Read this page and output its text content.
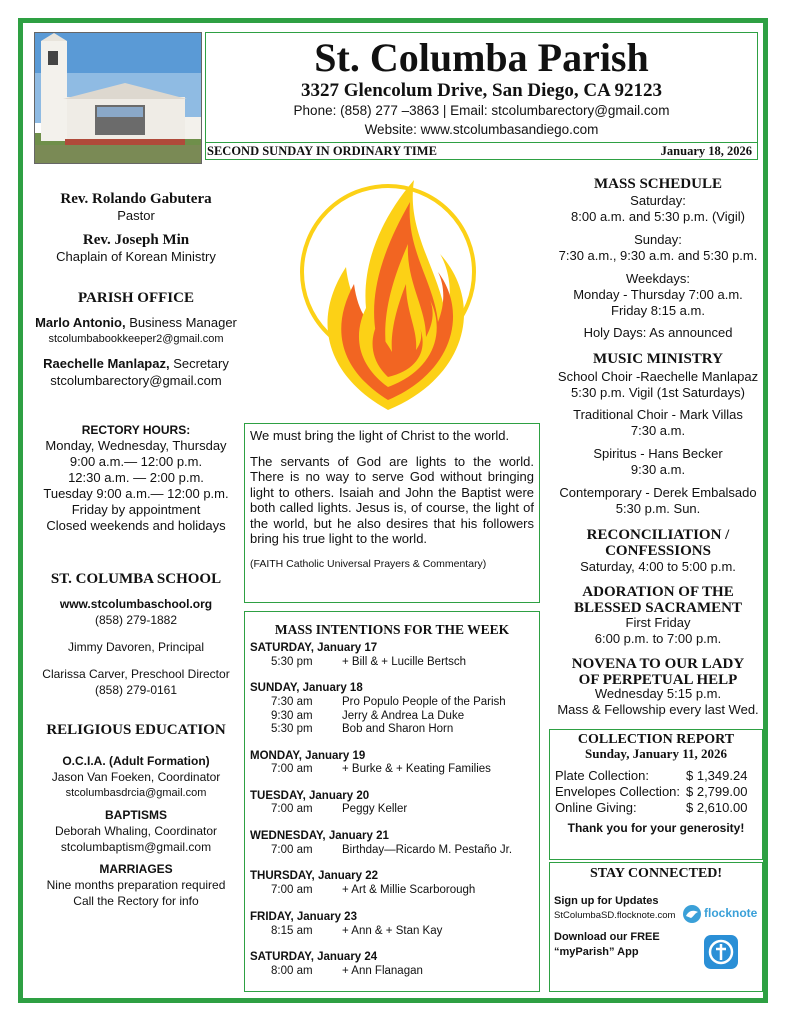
St. Columba Parish
3327 Glencolum Drive, San Diego, CA 92123
Phone: (858) 277 –3863 | Email: stcolumbarectory@gmail.com
Website: www.stcolumbasandiego.com
SECOND SUNDAY IN ORDINARY TIME	January 18, 2026
Rev. Rolando Gabutera
Pastor
Rev. Joseph Min
Chaplain of Korean Ministry
PARISH OFFICE
Marlo Antonio, Business Manager
stcolumbabookkeeper2@gmail.com
Raechelle Manlapaz, Secretary
stcolumbarectory@gmail.com
RECTORY HOURS:
Monday, Wednesday, Thursday
9:00 a.m.— 12:00 p.m.
12:30 a.m. — 2:00 p.m.
Tuesday 9:00 a.m.— 12:00 p.m.
Friday by appointment
Closed weekends and holidays
ST. COLUMBA SCHOOL
www.stcolumbaschool.org
(858) 279-1882
Jimmy Davoren, Principal
Clarissa Carver, Preschool Director
(858) 279-0161
RELIGIOUS EDUCATION
O.C.I.A. (Adult Formation)
Jason Van Foeken, Coordinator
stcolumbasdrcia@gmail.com
BAPTISMS
Deborah Whaling, Coordinator
stcolumbaptism@gmail.com
MARRIAGES
Nine months preparation required
Call the Rectory for info

We must bring the light of Christ to the world.

The servants of God are lights to the world. There is no way to serve God without bringing light to others. Isaiah and John the Baptist were both called lights. Jesus is, of course, the light of the world, but he also desires that his followers bring his true light to the world.

(FAITH Catholic Universal Prayers & Commentary)
MASS INTENTIONS FOR THE WEEK
SATURDAY, January 17
5:30 pm	+ Bill & + Lucille Bertsch
SUNDAY, January 18
7:30 am	Pro Populo People of the Parish
9:30 am	Jerry & Andrea La Duke
5:30 pm	Bob and Sharon Horn
MONDAY, January 19
7:00 am	+ Burke & + Keating Families
TUESDAY, January 20
7:00 am	Peggy Keller
WEDNESDAY, January 21
7:00 am	Birthday—Ricardo M. Pestaño Jr.
THURSDAY, January 22
7:00 am	+ Art & Millie Scarborough
FRIDAY, January 23
8:15 am	+ Ann & + Stan Kay
SATURDAY, January 24
8:00 am	+ Ann Flanagan
MASS SCHEDULE
Saturday:
8:00 a.m. and 5:30 p.m. (Vigil)
Sunday:
7:30 a.m., 9:30 a.m. and 5:30 p.m.
Weekdays:
Monday - Thursday 7:00 a.m.
Friday 8:15 a.m.
Holy Days: As announced
MUSIC MINISTRY
School Choir -Raechelle Manlapaz
5:30 p.m. Vigil (1st Saturdays)
Traditional Choir - Mark Villas
7:30 a.m.
Spiritus - Hans Becker
9:30 a.m.
Contemporary - Derek Embalsado
5:30 p.m. Sun.
RECONCILIATION /
CONFESSIONS
Saturday, 4:00 to 5:00 p.m.
ADORATION OF THE
BLESSED SACRAMENT
First Friday
6:00 p.m. to 7:00 p.m.
NOVENA TO OUR LADY
OF PERPETUAL HELP
Wednesday 5:15 p.m.
Mass & Fellowship every last Wed.
COLLECTION REPORT
Sunday, January 11, 2026
Plate Collection:	$ 1,349.24
Envelopes Collection: $ 2,799.00
Online Giving:	$ 2,610.00
Thank you for your generosity!
STAY CONNECTED!
Sign up for Updates
StColumbaSD.flocknote.com flocknote
Download our FREE
“myParish” App
